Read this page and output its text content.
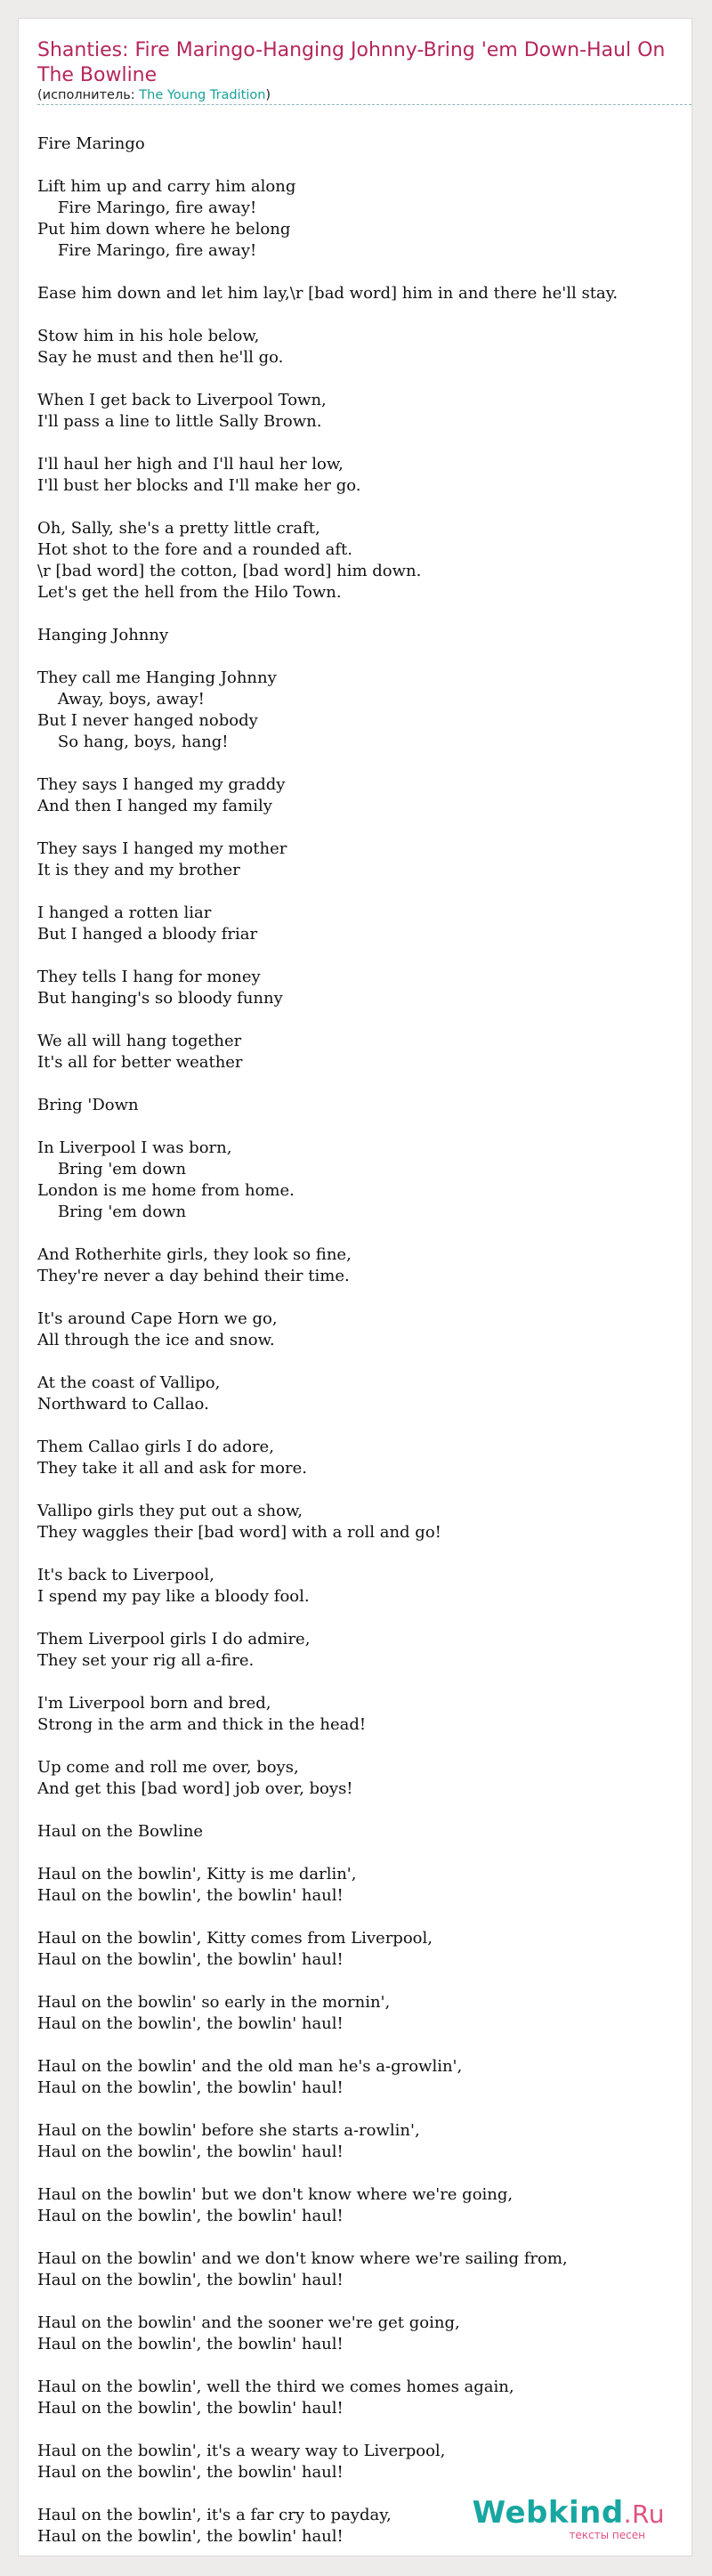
Shanties: Fire Maringo-Hanging Johnny-Bring 'em Down-Haul On The Bowline
(исполнитель: The Young Tradition)
Fire Maringo

Lift him up and carry him along
Fire Maringo, fire away!
Put him down where he belong
Fire Maringo, fire away!

Ease him down and let him lay,\r [bad word] him in and there he'll stay.

Stow him in his hole below,
Say he must and then he'll go.

When I get back to Liverpool Town,
I'll pass a line to little Sally Brown.

I'll haul her high and I'll haul her low,
I'll bust her blocks and I'll make her go.

Oh, Sally, she's a pretty little craft,
Hot shot to the fore and a rounded aft.
\r [bad word] the cotton, [bad word] him down.
Let's get the hell from the Hilo Town.

Hanging Johnny

They call me Hanging Johnny
Away, boys, away!
But I never hanged nobody
So hang, boys, hang!

They says I hanged my graddy
And then I hanged my family

They says I hanged my mother
It is they and my brother

I hanged a rotten liar
But I hanged a bloody friar

They tells I hang for money
But hanging's so bloody funny

We all will hang together
It's all for better weather

Bring 'Down

In Liverpool I was born,
Bring 'em down
London is me home from home.
Bring 'em down

And Rotherhite girls, they look so fine,
They're never a day behind their time.

It's around Cape Horn we go,
All through the ice and snow.

At the coast of Vallipo,
Northward to Callao.

Them Callao girls I do adore,
They take it all and ask for more.

Vallipo girls they put out a show,
They waggles their [bad word] with a roll and go!

It's back to Liverpool,
I spend my pay like a bloody fool.

Them Liverpool girls I do admire,
They set your rig all a-fire.

I'm Liverpool born and bred,
Strong in the arm and thick in the head!

Up come and roll me over, boys,
And get this [bad word] job over, boys!

Haul on the Bowline

Haul on the bowlin', Kitty is me darlin',
Haul on the bowlin', the bowlin' haul!

Haul on the bowlin', Kitty comes from Liverpool,
Haul on the bowlin', the bowlin' haul!

Haul on the bowlin' so early in the mornin',
Haul on the bowlin', the bowlin' haul!

Haul on the bowlin' and the old man he's a-growlin',
Haul on the bowlin', the bowlin' haul!

Haul on the bowlin' before she starts a-rowlin',
Haul on the bowlin', the bowlin' haul!

Haul on the bowlin' but we don't know where we're going,
Haul on the bowlin', the bowlin' haul!

Haul on the bowlin' and we don't know where we're sailing from,
Haul on the bowlin', the bowlin' haul!

Haul on the bowlin' and the sooner we're get going,
Haul on the bowlin', the bowlin' haul!

Haul on the bowlin', well the third we comes homes again,
Haul on the bowlin', the bowlin' haul!

Haul on the bowlin', it's a weary way to Liverpool,
Haul on the bowlin', the bowlin' haul!

Haul on the bowlin', it's a far cry to payday,
Haul on the bowlin', the bowlin' haul!
Webkind.Ru
тексты песен
